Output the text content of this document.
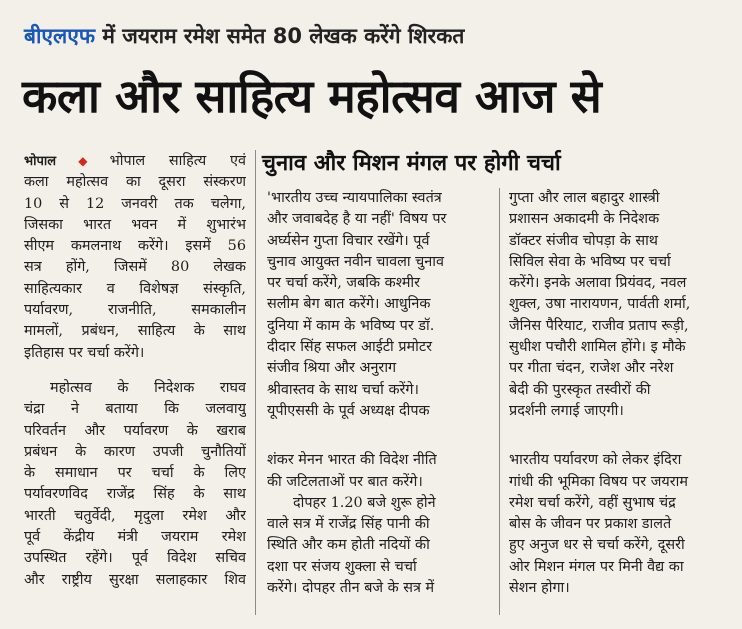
बीएलएफ में जयराम रमेश समेत 80 लेखक करेंगे शिरकत
कला और साहित्य महोत्सव आज से
चुनाव और मिशन मंगल पर होगी चर्चा
भोपाल ◆ भोपाल साहित्य एवं
कला महोत्सव का दूसरा संस्करण
10 से 12 जनवरी तक चलेगा,
जिसका भारत भवन में शुभारंभ
सीएम कमलनाथ करेंगे। इसमें 56
सत्र होंगे, जिसमें 80 लेखक
साहित्यकार व विशेषज्ञ संस्कृति,
पर्यावरण, राजनीति, समकालीन
मामलों, प्रबंधन, साहित्य के साथ
इतिहास पर चर्चा करेंगे।
महोत्सव के निदेशक राघव
चंद्रा ने बताया कि जलवायु
परिवर्तन और पर्यावरण के खराब
प्रबंधन के कारण उपजी चुनौतियों
के समाधान पर चर्चा के लिए
पर्यावरणविद राजेंद्र सिंह के साथ
भारती चतुर्वेदी, मृदुला रमेश और
पूर्व केंद्रीय मंत्री जयराम रमेश
उपस्थित रहेंगे। पूर्व विदेश सचिव
और राष्ट्रीय सुरक्षा सलाहकार शिव
'भारतीय उच्च न्यायपालिका स्वतंत्र
और जवाबदेह है या नहीं' विषय पर
अर्घ्यसेन गुप्ता विचार रखेंगे। पूर्व
चुनाव आयुक्त नवीन चावला चुनाव
पर चर्चा करेंगे, जबकि कश्मीर
सलीम बेग बात करेंगे। आधुनिक
दुनिया में काम के भविष्य पर डॉ.
दीदार सिंह सफल आईटी प्रमोटर
संजीव श्रिया और अनुराग
श्रीवास्तव के साथ चर्चा करेंगे।
यूपीएससी के पूर्व अध्यक्ष दीपक
शंकर मेनन भारत की विदेश नीति
की जटिलताओं पर बात करेंगे।
दोपहर 1.20 बजे शुरू होने
वाले सत्र में राजेंद्र सिंह पानी की
स्थिति और कम होती नदियों की
दशा पर संजय शुक्ला से चर्चा
करेंगे। दोपहर तीन बजे के सत्र में
गुप्ता और लाल बहादुर शास्त्री
प्रशासन अकादमी के निदेशक
डॉक्टर संजीव चोपड़ा के साथ
सिविल सेवा के भविष्य पर चर्चा
करेंगे। इनके अलावा प्रियंवद, नवल
शुक्ल, उषा नारायणन, पार्वती शर्मा,
जैनिस पैरियाट, राजीव प्रताप रूड़ी,
सुधीश पचौरी शामिल होंगे। इ मौके
पर गीता चंदन, राजेश और नरेश
बेदी की पुरस्कृत तस्वीरों की
प्रदर्शनी लगाई जाएगी।
भारतीय पर्यावरण को लेकर इंदिरा
गांधी की भूमिका विषय पर जयराम
रमेश चर्चा करेंगे, वहीं सुभाष चंद्र
बोस के जीवन पर प्रकाश डालते
हुए अनुज धर से चर्चा करेंगे, दूसरी
ओर मिशन मंगल पर मिनी वैद्य का
सेशन होगा।
